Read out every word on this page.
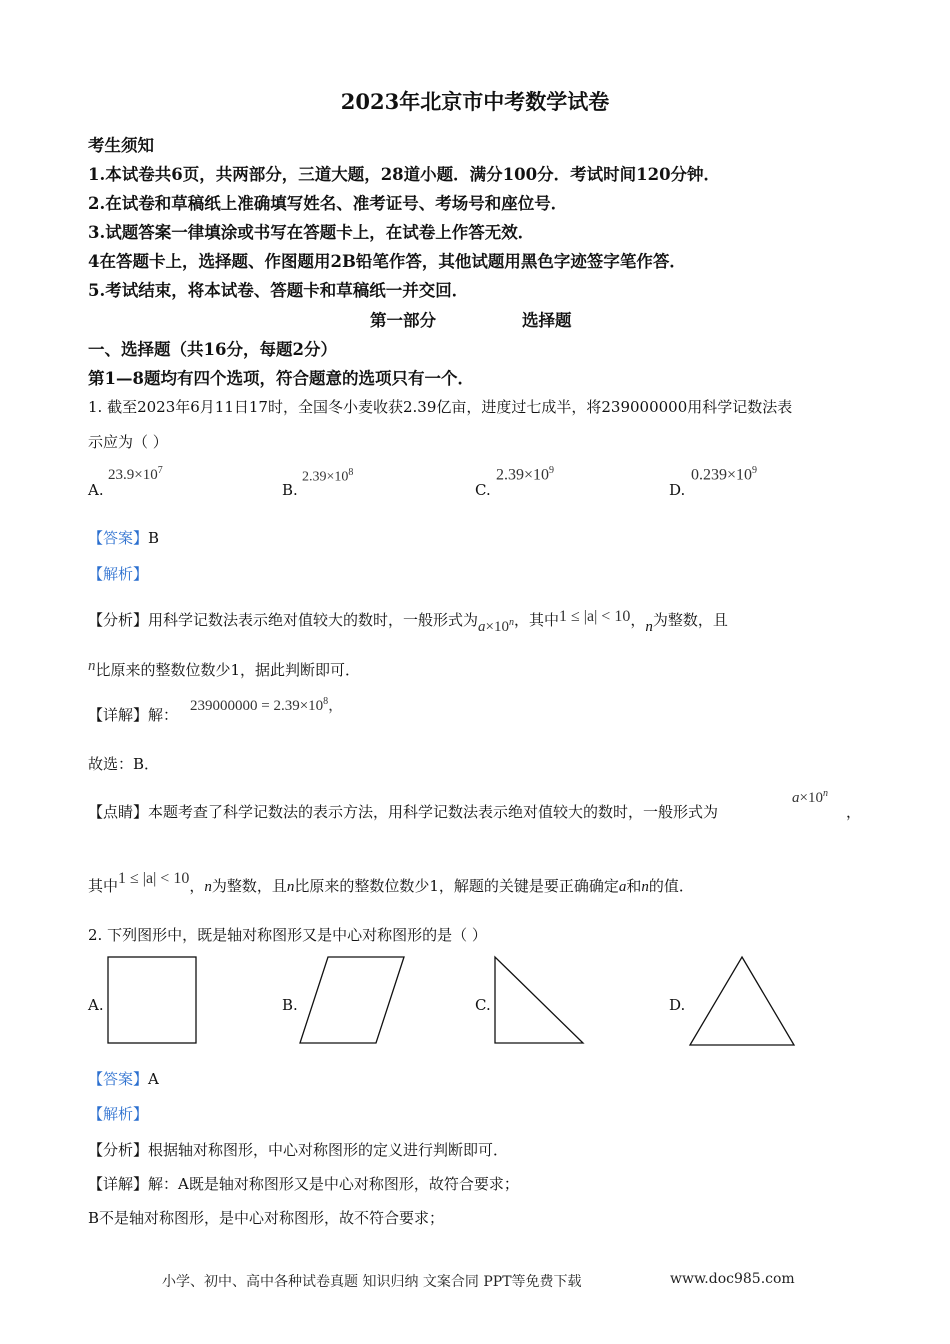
2023年北京市中考数学试卷
考生须知
1.本试卷共6页，共两部分，三道大题，28道小题．满分100分．考试时间120分钟．
2.在试卷和草稿纸上准确填写姓名、准考证号、考场号和座位号．
3.试题答案一律填涂或书写在答题卡上，在试卷上作答无效．
4在答题卡上，选择题、作图题用2B铅笔作答，其他试题用黑色字迹签字笔作答．
5.考试结束，将本试卷、答题卡和草稿纸一并交回．
第一部分	选择题
一、选择题（共16分，每题2分）
第1—8题均有四个选项，符合题意的选项只有一个．
1. 截至2023年6月11日17时，全国冬小麦收获2.39亿亩，进度过七成半，将239000000用科学记数法表
示应为（ ）
A.
$23.9\times 10^7$
B.
$2.39\times 10^8$
C.
$2.39\times 10^9$
D.
$0.239\times 10^9$
【答案】B
【解析】
【分析】用科学记数法表示绝对值较大的数时，一般形式为$a\times 10^n$，其中1 ≤ |a| < 10，n为整数，且
n比原来的整数位数少1，据此判断即可．
【详解】解： $239000000 = 2.39\times 10^8$，
故选：B．
【点睛】本题考查了科学记数法的表示方法，用科学记数法表示绝对值较大的数时，一般形式为
$a\times 10^n$
，
其中1 ≤ |a| < 10，n为整数，且n比原来的整数位数少1，解题的关键是要正确确定a和n的值．
2. 下列图形中，既是轴对称图形又是中心对称图形的是（ ）
A.	B.	C.	D.
【答案】A
【解析】
【分析】根据轴对称图形，中心对称图形的定义进行判断即可．
【详解】解：A既是轴对称图形又是中心对称图形，故符合要求；
B不是轴对称图形，是中心对称图形，故不符合要求；
小学、初中、高中各种试卷真题 知识归纳 文案合同 PPT等免费下载	www.doc985.com
